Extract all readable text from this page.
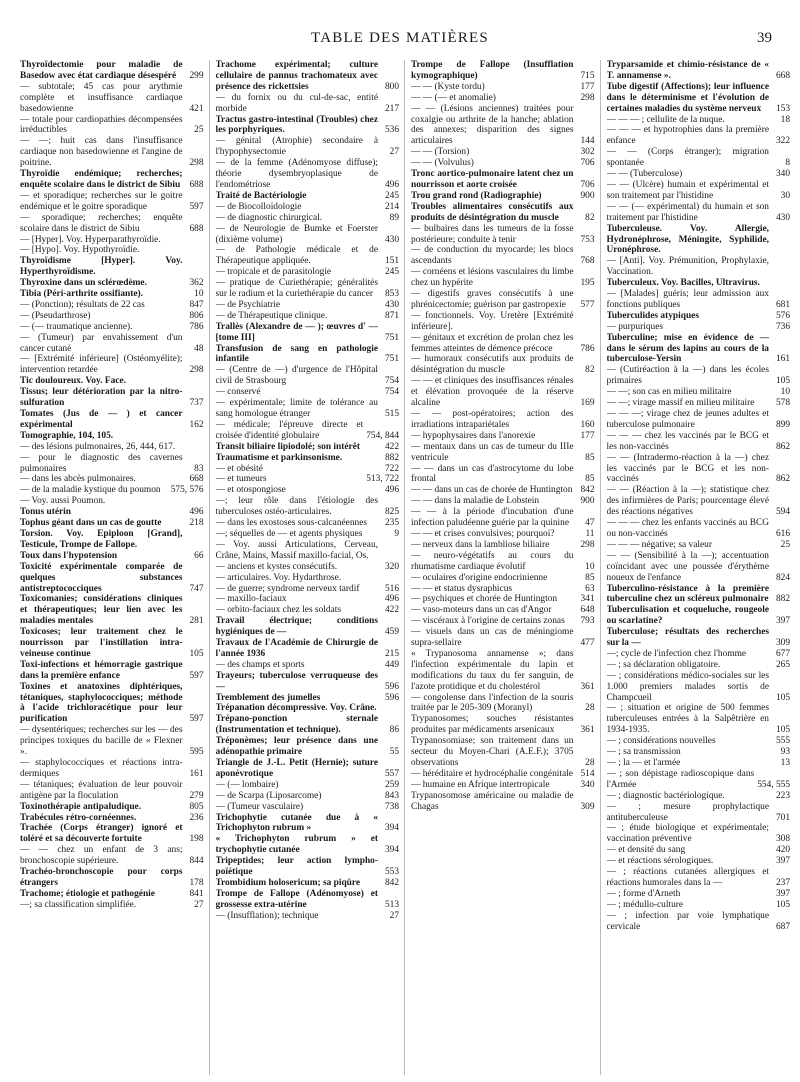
TABLE DES MATIÈRES	39
Thyroïdectomie pour maladie de Basedow avec état cardiaque désespéré	299
— subtotale; 45 cas pour arythmie complète et insuffisance cardiaque basedowienne	421
— totale pour cardiopathies décompensées irréductibles	25
— —; huit cas dans l'insuffisance cardiaque non basedowienne et l'angine de poitrine.	298
Thyroïdie endémique; recherches; enquête scolaire dans le district de Sibiu 688
— et sporadique; recherches sur le goitre endémique et le goitre sporadique	597
— sporadique; recherches; enquête scolaire dans le district de Sibiu	688
— [Hyper]. Voy. Hyperparathyroïdie.
— [Hypo]. Voy. Hypothyroïdie.
Thyroïdisme [Hyper]. Voy. Hyperthyroïdisme.
Thyroxine dans un sclérœdème.	362
Tibia (Péri-arthrite ossifiante).	10
— (Ponction); résultats de 22 cas	847
— (Pseudarthrose)	806
— (— traumatique ancienne).	786
— (Tumeur) par envahissement d'un cancer cutané	48
— [Extrémité inférieure] (Ostéomyélite); intervention retardée	298
Tic douloureux. Voy. Face.
Tissus; leur détérioration par la nitro-sulfuration	737
Tomates (Jus de — ) et cancer expérimental	162
Tomographie, 104, 105.
— des lésions pulmonaires, 26, 444, 617.
— pour le diagnostic des cavernes pulmonaires	83
— dans les abcès pulmonaires.	668
— de la maladie kystique du poumon	575, 576
— Voy. aussi Poumon.
Tonus utérin	496
Tophus géant dans un cas de goutte	218
Torsion. Voy. Epiploon [Grand], Testicule, Trompe de Fallope.
Toux dans l'hypotension	66
Toxicité expérimentale comparée de quelques substances antistreptococciques	747
Toxicomanies; considérations cliniques et thérapeutiques; leur lien avec les maladies mentales	281
Toxicoses; leur traitement chez le nourrisson par l'instillation intra-veineuse continue	105
Toxi-infections et hémorragie gastrique dans la première enfance	597
Toxines et anatoxines diphtériques, tétaniques, staphylococciques; méthode à l'acide trichloracétique pour leur purification	597
— dysentériques; recherches sur les — des principes toxiques du bacille de « Flexner ».	595
— staphylococciques et réactions intra-dermiques	161
— tétaniques; évaluation de leur pouvoir antigène par la floculation	279
Toxinothérapie antipaludique.	805
Trabécules rétro-cornéennes.	236
Trachée (Corps étranger) ignoré et toléré et sa découverte fortuite	198
— — chez un enfant de 3 ans; bronchoscopie supérieure.	844
Trachéo-bronchoscopie pour corps étrangers	178
Trachome; étiologie et pathogénie	841
—; sa classification simplifiée.	27
Trachome expérimental; culture cellulaire de pannus trachomateux avec présence des rickettsies	800
— du fornix ou du cul-de-sac, entité morbide	217
Tractus gastro-intestinal (Troubles) chez les porphyriques.	536
— génital (Atrophie) secondaire à l'hypophysectomie	27
— de la femme (Adénomyose diffuse); théorie dysembryoplasique de l'endométriose	496
Traité de Bactériologie	245
— de Biocolloïdologie	214
— de diagnostic chirurgical.	89
— de Neurologie de Bumke et Foerster (dixième volume)	430
— de Pathologie médicale et de Thérapeutique appliquée.	151
— tropicale et de parasitologie	245
— pratique de Curiethérapie; généralités sur le radium et la curiethérapie du cancer	853
— de Psychiatrie	430
— de Thérapeutique clinique.	871
Trallès (Alexandre de — ); œuvres d' — [tome III]	751
Transfusion de sang en pathologie infantile	751
— (Centre de —) d'urgence de l'Hôpital civil de Strasbourg	754
— conservé	754
— expérimentale; limite de tolérance au sang homologue étranger	515
— médicale; l'épreuve directe et croisée d'identité globulaire	754, 844
Transit biliaire lipiodolé; son intérêt	422
Traumatisme et parkinsonisme.	882
— et obésité	722
— et tumeurs	513, 722
— et otospongiose	496
—; leur rôle dans l'étiologie des tuberculoses ostéo-articulaires.	825
— dans les exostoses sous-calcanéennes	235
—; séquelles de — et agents physiques	9
— Voy. aussi Articulations, Cerveau, Crâne, Mains, Massif maxillo-facial, Os.
— anciens et kystes consécutifs.	320
— articulaires. Voy. Hydarthrose.
— de guerre; syndrome nerveux tardif	516
— maxillo-faciaux	496
— orbito-faciaux chez les soldats	422
Travail électrique; conditions hygiéniques de —	459
Travaux de l'Académie de Chirurgie de l'année 1936	215
— des champs et sports	449
Trayeurs; tuberculose verruqueuse des —	596
Tremblement des jumelles	596
Trépanation décompressive. Voy. Crâne.
Trépano-ponction sternale (Instrumentation et technique).	86
Tréponèmes; leur présence dans une adénopathie primaire	55
Triangle de J.-L. Petit (Hernie); suture aponévrotique	557
— (— lombaire)	259
— de Scarpa (Liposarcome)	843
— (Tumeur vasculaire)	738
Trichophytie cutanée due à « Trichophyton rubrum »	394
« Trichophyton rubrum » et trychophytie cutanée	394
Tripeptides; leur action lympho-poïétique	553
Trombidium holosericum; sa piqûre	842
Trompe de Fallope (Adénomyose) et grossesse extra-utérine	513
— (Insufflation); technique	27
Trompe de Fallope (Insufflation kymographique)	715
— — (Kyste tordu)	177
— — (— et anomalie)	298
— — (Lésions anciennes) traitées pour coxalgie ou arthrite de la hanche; ablation des annexes; disparition des signes articulaires	144
— — (Torsion)	302
— — (Volvulus)	706
Tronc aortico-pulmonaire latent chez un nourrisson et aorte croisée	706
Trou grand rond (Radiographie)	900
Troubles alimentaires consécutifs aux produits de désintégration du muscle	82
— bulbaires dans les tumeurs de la fosse postérieure; conduite à tenir	753
— de conduction du myocarde; les blocs ascendants	768
— cornéens et lésions vasculaires du limbe chez un hypérite	195
— digestifs graves consécutifs à une phrénicectomie; guérison par gastropexie	577
— fonctionnels. Voy. Uretère [Extrémité inférieure].
— génitaux et excrétion de prolan chez les femmes atteintes de démence précoce	786
— humoraux consécutifs aux produits de désintégration du muscle	82
— — et cliniques des insuffisances rénales et élévation provoquée de la réserve alcaline	169
— — post-opératoires; action des irradiations intrapariétales	160
— hypophysaires dans l'anorexie	177
— mentaux dans un cas de tumeur du IIIe ventricule	85
— — dans un cas d'astrocytome du lobe frontal	85
— — dans un cas de chorée de Huntington 842
— — dans la maladie de Lobstein	900
— — à la période d'incubation d'une infection paludéenne guérie par la quinine	47
— — et crises convulsives; pourquoi?	11
— nerveux dans la lambliose biliaire	298
— neuro-végétatifs au cours du rhumatisme cardiaque évolutif	10
— oculaires d'origine endocrinienne	85
— — et status dysraphicus	63
— psychiques et chorée de Huntington	341
— vaso-moteurs dans un cas d'Angor	648
— viscéraux à l'origine de certains zonas	793
— visuels dans un cas de méningiome supra-sellaire	477
« Trypanosoma annamense »; dans l'infection expérimentale du lapin et modifications du taux du fer sanguin, de l'azote protidique et du cholestérol	361
— congolense dans l'infection de la souris traitée par le 205-309 (Moranyl)	28
Trypanosomes; souches résistantes produites par médicaments arsenicaux	361
Trypanosomiase; son traitement dans un secteur du Moyen-Chari (A.E.F.); 3705 observations	28
— héréditaire et hydrocéphalie congénitale 514
— humaine en Afrique intertropicale	340
Trypanosomose américaine ou maladie de Chagas	309
Tryparsamide et chimio-résistance de « T. annamense ».	668
Tube digestif (Affections); leur influence dans le déterminisme et l'évolution de certaines maladies du système nerveux	153
— — — ; cellulite de la nuque.	18
— — — et hypotrophies dans la première enfance	322
— — (Corps étranger); migration spontanée	8
— — (Tuberculose)	340
— — (Ulcère) humain et expérimental et son traitement par l'histidine	30
— — (— expérimental) du humain et son traitement par l'histidine	430
Tuberculeuse. Voy. Allergie, Hydronéphrose, Méningite, Syphilide, Uronéphrose.
— [Anti]. Voy. Prémunition, Prophylaxie, Vaccination.
Tuberculeux. Voy. Bacilles, Ultravirus.
— [Malades] guéris; leur admission aux fonctions publiques	681
Tuberculides atypiques	576
— purpuriques	736
Tuberculine; mise en évidence de — dans le sérum des lapins au cours de la tuberculose-Yersin	161
— (Cutiréaction à la —) dans les écoles primaires	105
— —; son cas en milieu militaire	10
— —; virage massif en milieu militaire	578
— — —; virage chez de jeunes adultes et tuberculose pulmonaire	899
— — — chez les vaccinés par le BCG et les non-vaccinés	862
— — (Intradermo-réaction à la —) chez les vaccinés par le BCG et les non-vaccinés	862
— — (Réaction à la —); statistique chez des infirmières de Paris; pourcentage élevé des réactions négatives	594
— — — chez les enfants vaccinés au BCG ou non-vaccinés	616
— — — négative; sa valeur	25
— — (Sensibilité à la —); accentuation coïncidant avec une poussée d'érythème noueux de l'enfance	824
Tuberculino-résistance à la première tuberculine chez un scléreux pulmonaire 882
Tuberculisation et coqueluche, rougeole ou scarlatine?	397
Tuberculose; résultats des recherches sur la —	309
—; cycle de l'infection chez l'homme	677
— ; sa déclaration obligatoire.	265
— ; considérations médico-sociales sur les 1.000 premiers malades sortis de Champcueil	105
— ; situation et origine de 500 femmes tuberculeuses entrées à la Salpêtrière en 1934-1935.	105
— ; considérations nouvelles	555
— ; sa transmission	93
— ; la — et l'armée	13
— ; son dépistage radioscopique dans l'Armée	554, 555
— ; diagnostic bactériologique.	223
— ; mesure prophylactique antituberculeuse	701
— ; étude biologique et expérimentale; vaccination préventive	308
— et densité du sang	420
— et réactions sérologiques.	397
— ; réactions cutanées allergiques et réactions humorales dans la —	237
— ; forme d'Arneth	397
— ; médullo-culture	105
— ; infection par voie lymphatique cervicale	687
